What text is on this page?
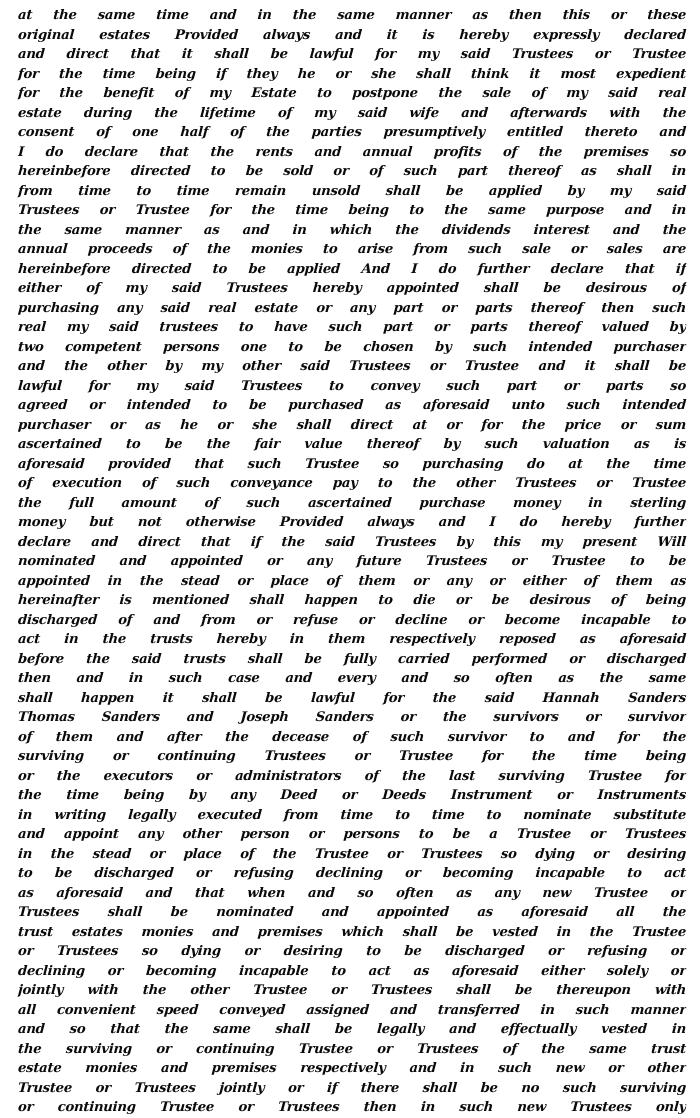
at the same time and in the same manner as then this or these
original estates Provided always and it is hereby expressly declared
and direct that it shall be lawful for my said Trustees or Trustee
for the time being if they he or she shall think it most expedient
for the benefit of my Estate to postpone the sale of my said real
estate during the lifetime of my said wife and afterwards with the
consent of one half of the parties presumptively entitled thereto and
I do declare that the rents and annual profits of the premises so
hereinbefore directed to be sold or of such part thereof as shall in
from time to time remain unsold shall be applied by my said
Trustees or Trustee for the time being to the same purpose and in
the same manner as and in which the dividends interest and the
annual proceeds of the monies to arise from such sale or sales are
hereinbefore directed to be applied And I do further declare that if
either of my said Trustees hereby appointed shall be desirous of
purchasing any said real estate or any part or parts thereof then such
real my said trustees to have such part or parts thereof valued by
two competent persons one to be chosen by such intended purchaser
and the other by my other said Trustees or Trustee and it shall be
lawful for my said Trustees to convey such part or parts so
agreed or intended to be purchased as aforesaid unto such intended
purchaser or as he or she shall direct at or for the price or sum
ascertained to be the fair value thereof by such valuation as is
aforesaid provided that such Trustee so purchasing do at the time
of execution of such conveyance pay to the other Trustees or Trustee
the full amount of such ascertained purchase money in sterling
money but not otherwise Provided always and I do hereby further
declare and direct that if the said Trustees by this my present Will
nominated and appointed or any future Trustees or Trustee to be
appointed in the stead or place of them or any or either of them as
hereinafter is mentioned shall happen to die or be desirous of being
discharged of and from or refuse or decline or become incapable to
act in the trusts hereby in them respectively reposed as aforesaid
before the said trusts shall be fully carried performed or discharged
then and in such case and every and so often as the same
shall happen it shall be lawful for the said Hannah Sanders
Thomas Sanders and Joseph Sanders or the survivors or survivor
of them and after the decease of such survivor to and for the
surviving or continuing Trustees or Trustee for the time being
or the executors or administrators of the last surviving Trustee for
the time being by any Deed or Deeds Instrument or Instruments
in writing legally executed from time to time to nominate substitute
and appoint any other person or persons to be a Trustee or Trustees
in the stead or place of the Trustee or Trustees so dying or desiring
to be discharged or refusing declining or becoming incapable to act
as aforesaid and that when and so often as any new Trustee or
Trustees shall be nominated and appointed as aforesaid all the
trust estates monies and premises which shall be vested in the Trustee
or Trustees so dying or desiring to be discharged or refusing or
declining or becoming incapable to act as aforesaid either solely or
jointly with the other Trustee or Trustees shall be thereupon with
all convenient speed conveyed assigned and transferred in such manner
and so that the same shall be legally and effectually vested in
the surviving or continuing Trustee or Trustees of the same trust
estate monies and premises respectively and in such new or other
Trustee or Trustees jointly or if there shall be no such surviving
or continuing Trustee or Trustees then in such new Trustees only
